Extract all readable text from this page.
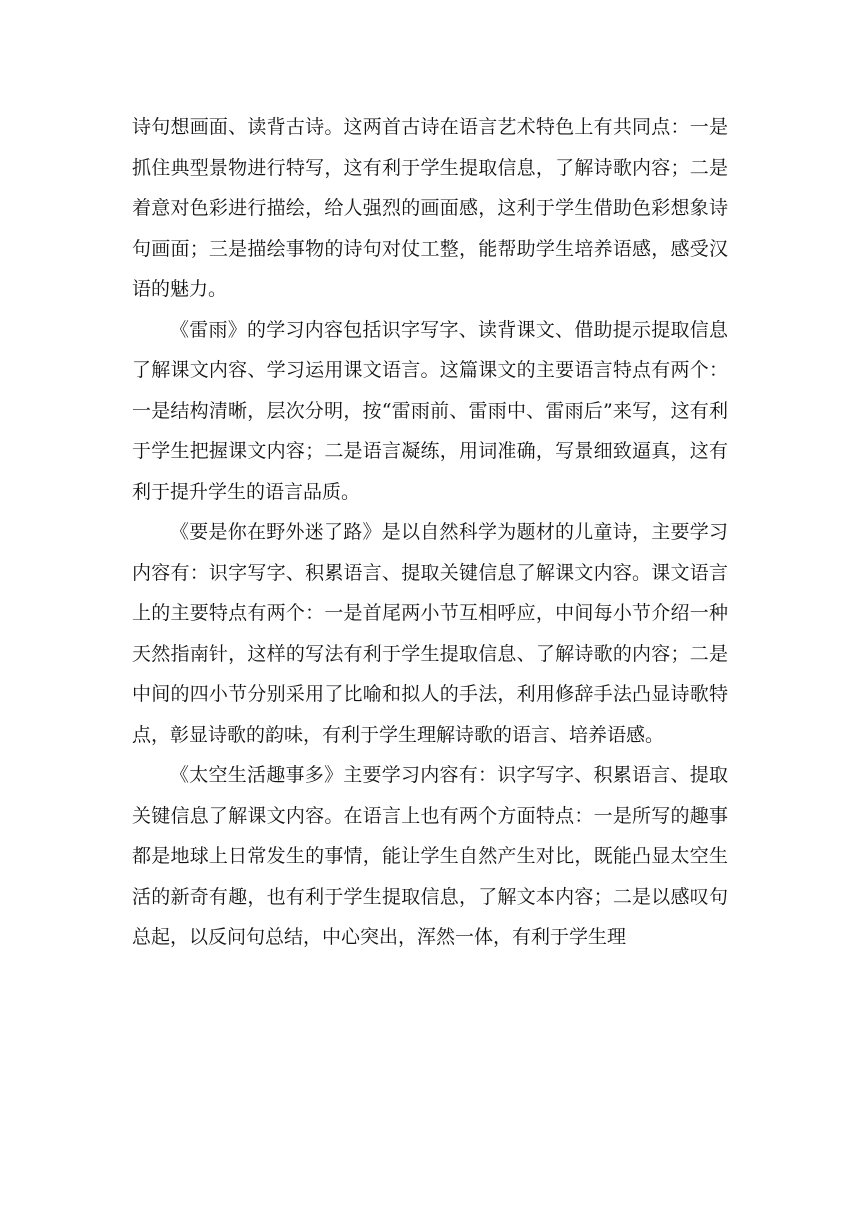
诗句想画面、读背古诗。这两首古诗在语言艺术特色上有共同点：一是抓住典型景物进行特写，这有利于学生提取信息，了解诗歌内容；二是着意对色彩进行描绘，给人强烈的画面感，这利于学生借助色彩想象诗句画面；三是描绘事物的诗句对仗工整，能帮助学生培养语感，感受汉语的魅力。

《雷雨》的学习内容包括识字写字、读背课文、借助提示提取信息了解课文内容、学习运用课文语言。这篇课文的主要语言特点有两个：一是结构清晰，层次分明，按“雷雨前、雷雨中、雷雨后”来写，这有利于学生把握课文内容；二是语言凝练，用词准确，写景细致逼真，这有利于提升学生的语言品质。

《要是你在野外迷了路》是以自然科学为题材的儿童诗，主要学习内容有：识字写字、积累语言、提取关键信息了解课文内容。课文语言上的主要特点有两个：一是首尾两小节互相呼应，中间每小节介绍一种天然指南针，这样的写法有利于学生提取信息、了解诗歌的内容；二是中间的四小节分别采用了比喻和拟人的手法，利用修辞手法凸显诗歌特点，彰显诗歌的韵味，有利于学生理解诗歌的语言、培养语感。

《太空生活趣事多》主要学习内容有：识字写字、积累语言、提取关键信息了解课文内容。在语言上也有两个方面特点：一是所写的趣事都是地球上日常发生的事情，能让学生自然产生对比，既能凸显太空生活的新奇有趣，也有利于学生提取信息，了解文本内容；二是以感叹句总起，以反问句总结，中心突出，浑然一体，有利于学生理
